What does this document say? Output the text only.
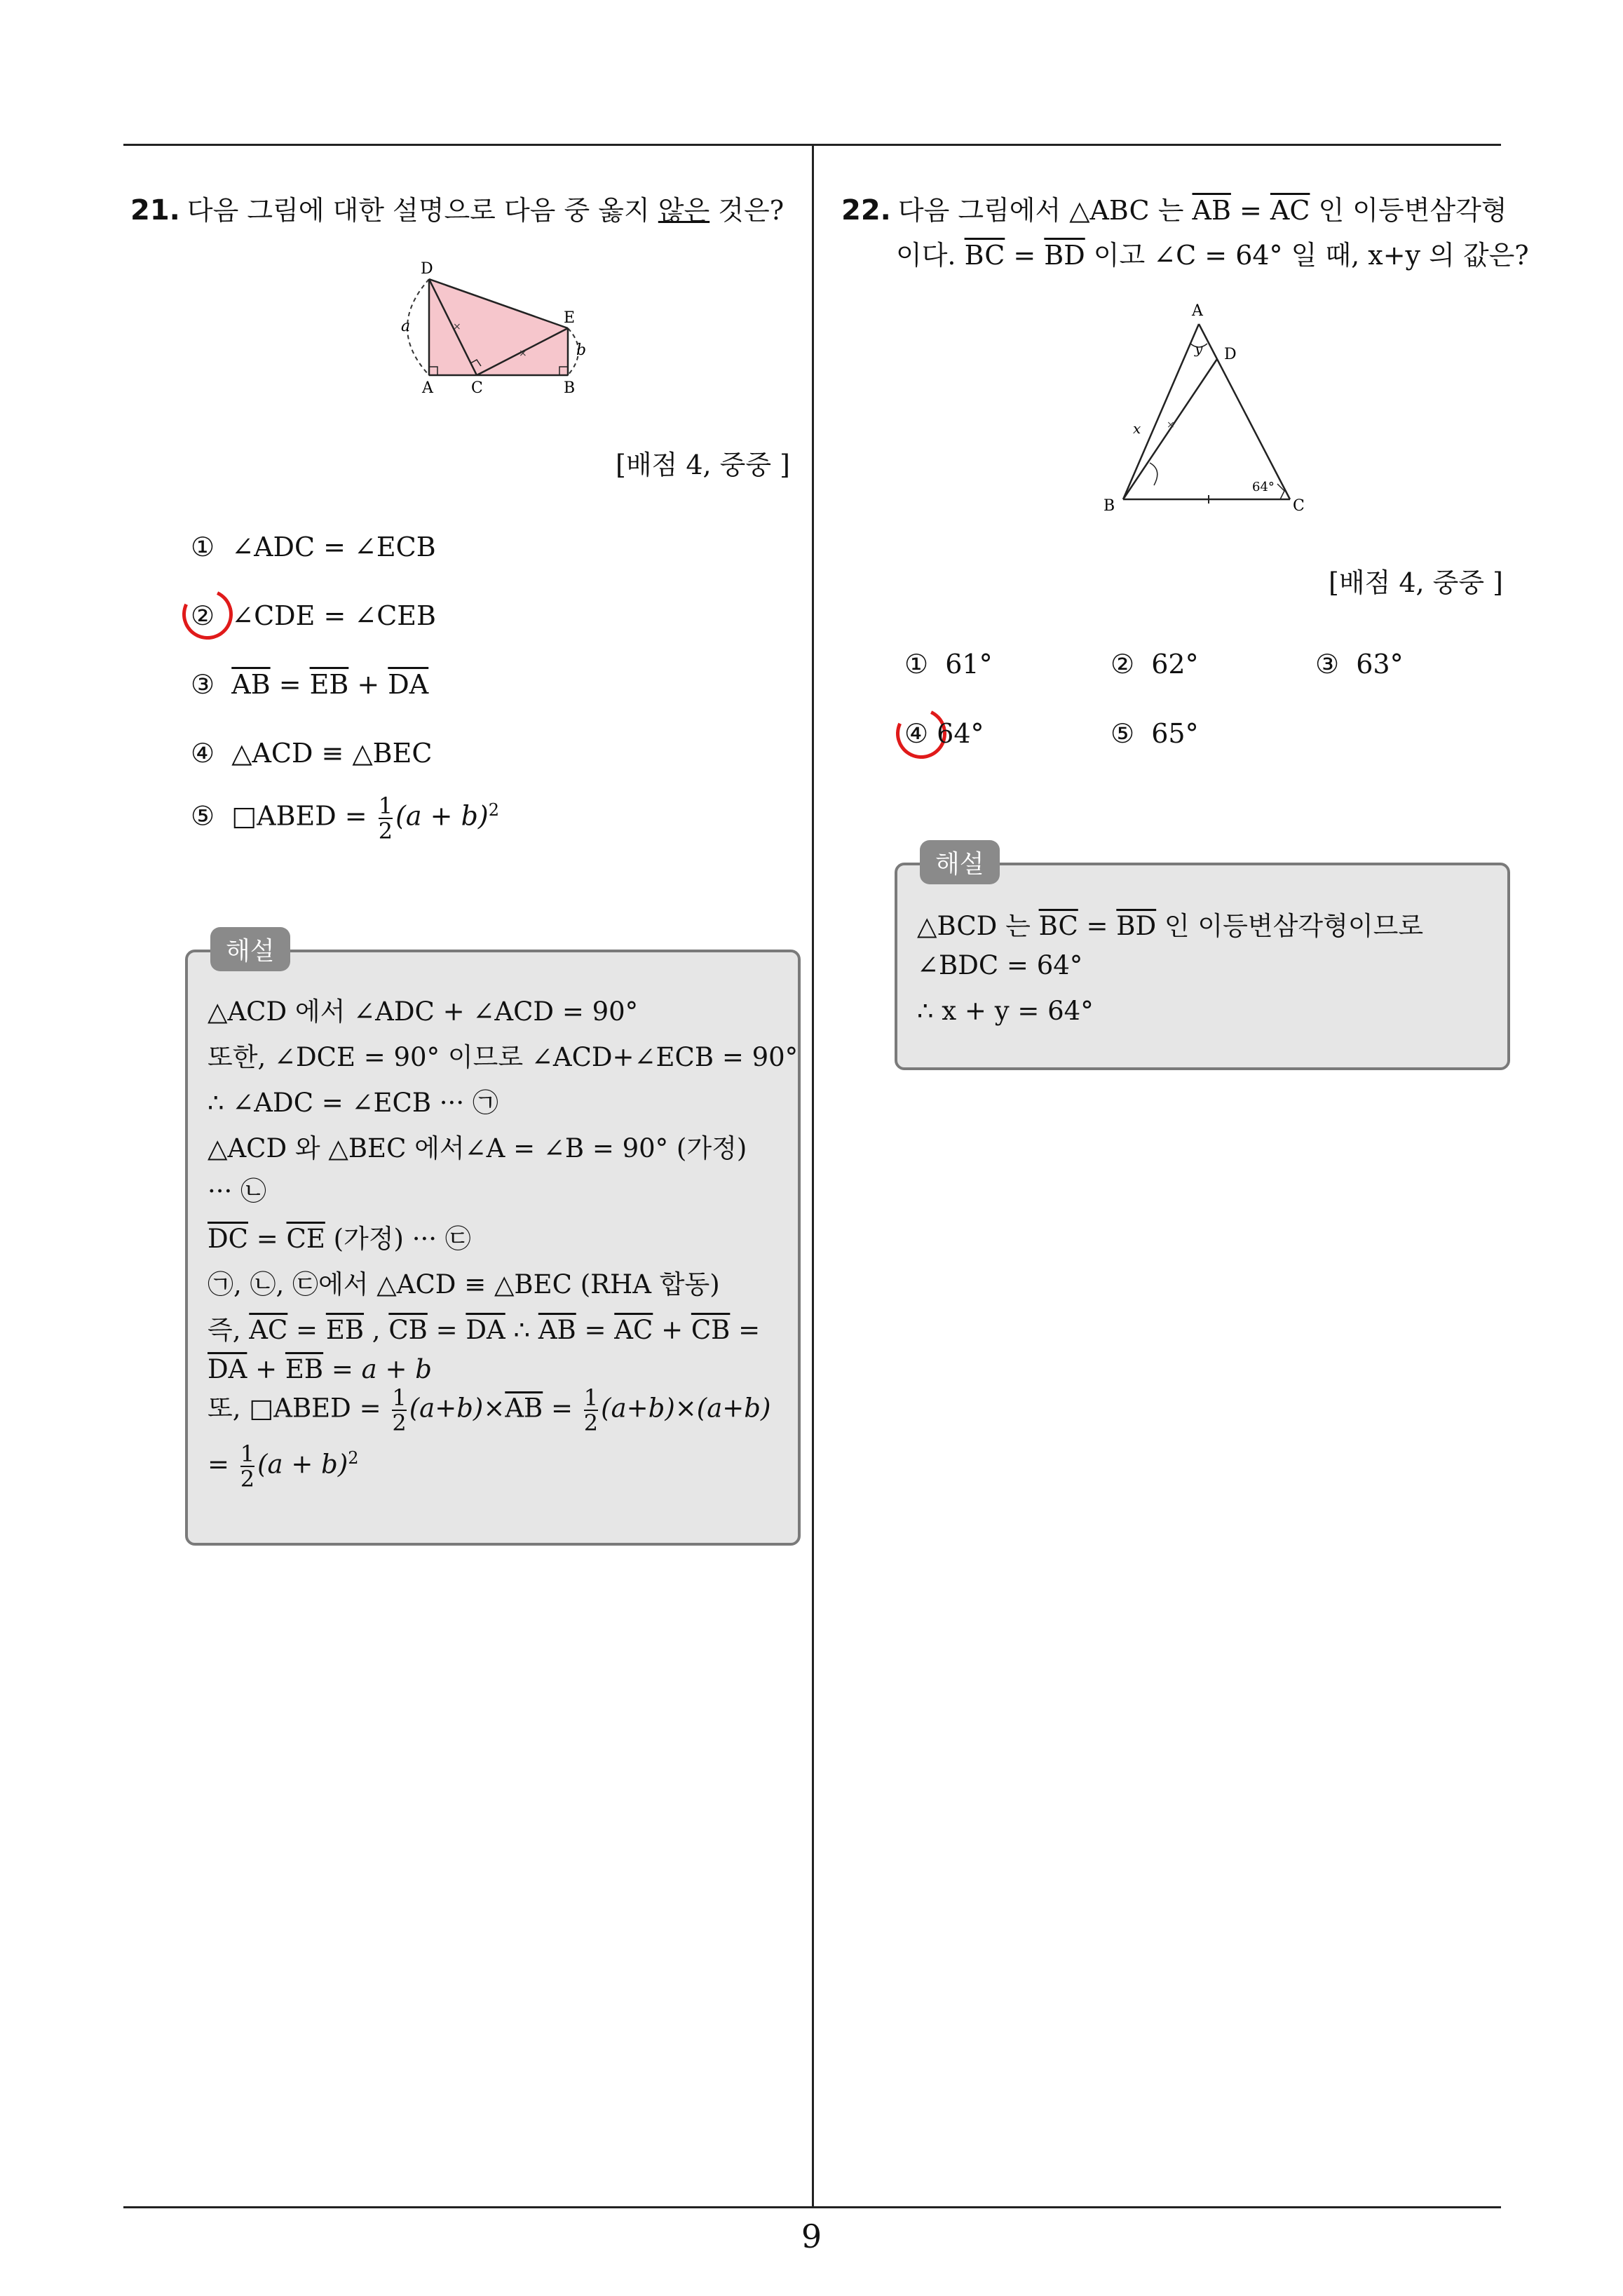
21. 다음 그림에 대한 설명으로 다음 중 옳지 않은 것은?
×
×
D
E
A C	B
a
b
[배점 4, 중중 ]
① ∠ADC = ∠ECB
② ∠CDE = ∠CEB
③ $\overline{AB} = \overline{EB} + \overline{DA}$
④ △ACD ≡ △BEC
⑤ □ABED = $\frac{1}{2} (a + b)^2$
해설
△ACD 에서 ∠ADC + ∠ACD = 90°
또한, ∠DCE = 90° 이므로 ∠ACD+∠ECB = 90°
∴ ∠ADC = ∠ECB ··· ㉠
△ACD 와 △BEC 에서∠A = ∠B = 90° (가정)
··· ㉡
$\overline{DC} = \overline{CE}$ (가정) ··· ㉢
㉠, ㉡, ㉢에서 △ACD ≡ △BEC (RHA 합동)
즉, $\overline{AC} = \overline{EB}$ , $\overline{CB} = \overline{DA}$ ∴ $\overline{AB} = \overline{AC} + \overline{CB}$ =
$\overline{DA} + \overline{EB} = a + b$
또, □ABED = $\frac{1}{2} (a+b)\times\overline{AB} = \frac{1}{2} (a+b)\times(a+b)$
= $\frac{1}{2} (a + b)^2$
22. 다음 그림에서 △ABC 는 $\overline{AB} = \overline{AC}$ 인 이등변삼각형
이다. $\overline{BC} = \overline{BD}$ 이고 ∠C = 64° 일 때, x+y 의 값은?
×
A
D
B	C
x
y
64°
[배점 4, 중중 ]
① 61°	② 62°	③ 63°
④ 64°	⑤ 65°
해설
△BCD 는 $\overline{BC} = \overline{BD}$ 인 이등변삼각형이므로
∠BDC = 64°
∴ x + y = 64°
9
